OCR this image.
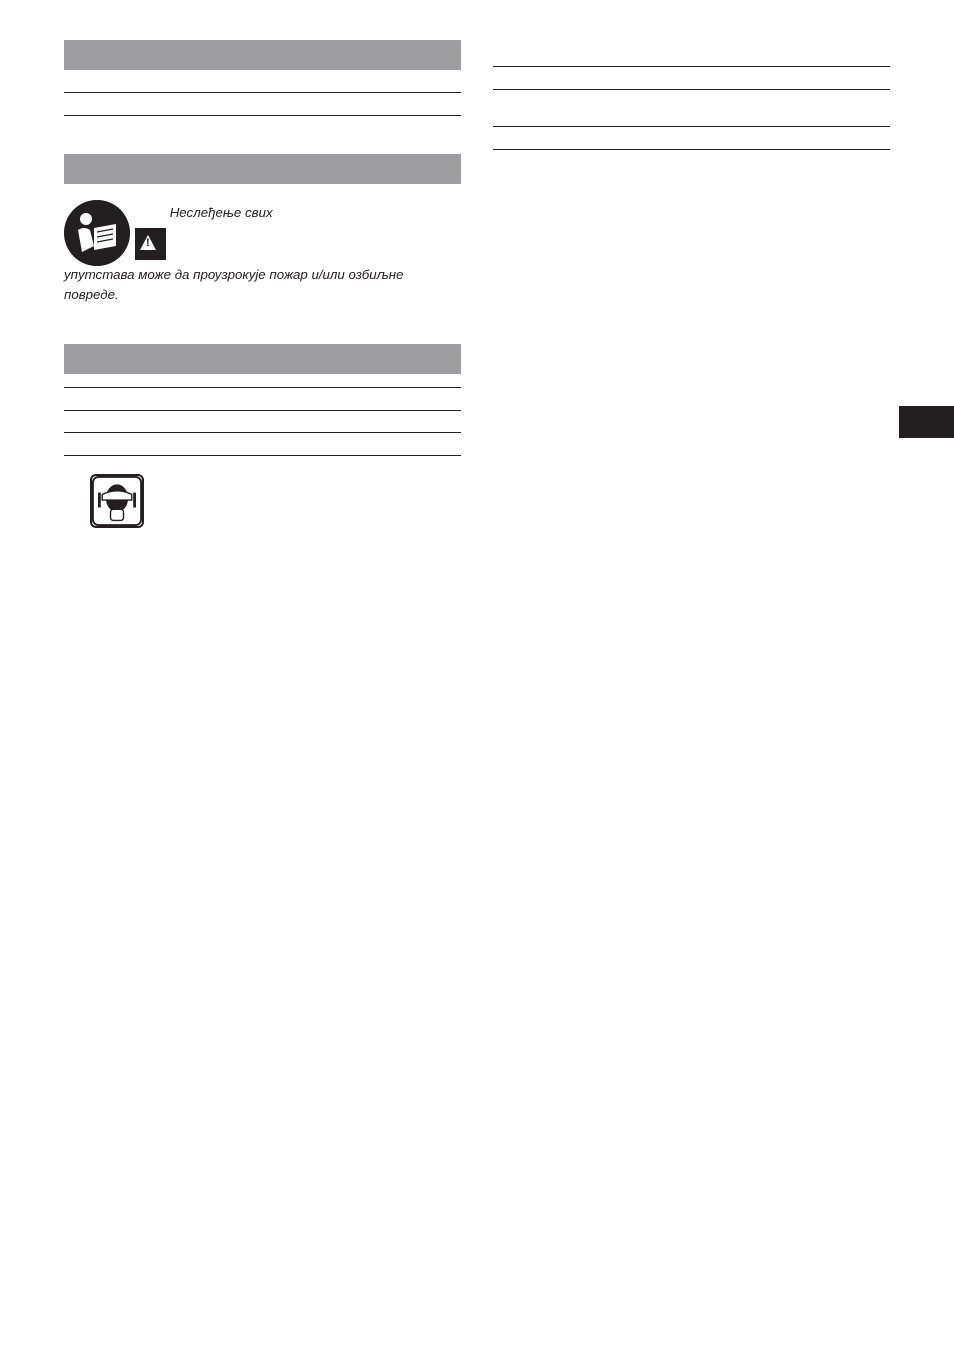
! Неслеђење свих

упутстава може да проузрокује пожар и/или озбиљне повреде.
